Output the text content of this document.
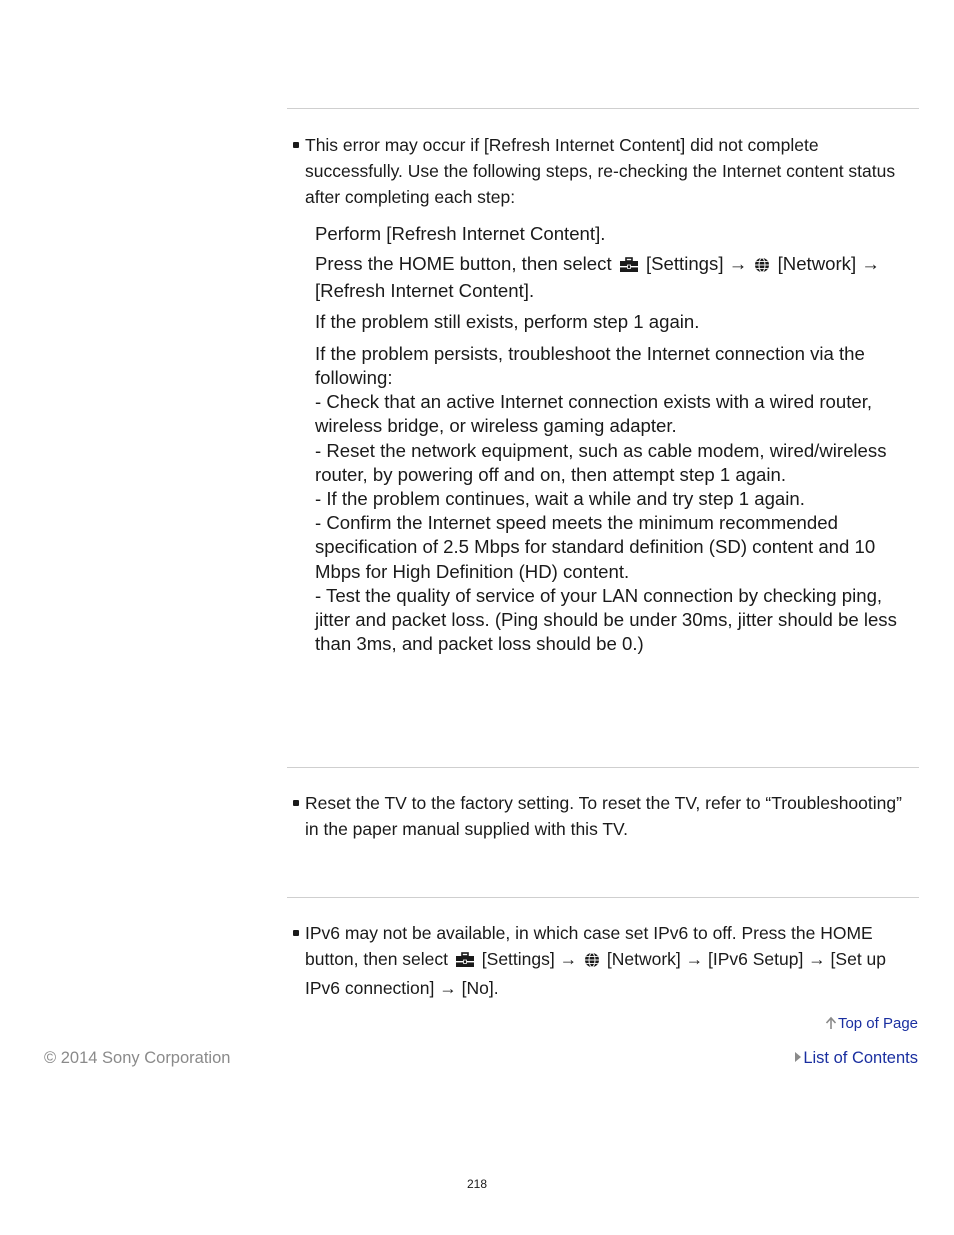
This error may occur if [Refresh Internet Content] did not complete successfully. Use the following steps, re-checking the Internet content status after completing each step:
Perform [Refresh Internet Content].
Press the HOME button, then select [Settings] → [Network] → [Refresh Internet Content].
If the problem still exists, perform step 1 again.
If the problem persists, troubleshoot the Internet connection via the following:
- Check that an active Internet connection exists with a wired router, wireless bridge, or wireless gaming adapter.
- Reset the network equipment, such as cable modem, wired/wireless router, by powering off and on, then attempt step 1 again.
- If the problem continues, wait a while and try step 1 again.
- Confirm the Internet speed meets the minimum recommended specification of 2.5 Mbps for standard definition (SD) content and 10 Mbps for High Definition (HD) content.
- Test the quality of service of your LAN connection by checking ping, jitter and packet loss. (Ping should be under 30ms, jitter should be less than 3ms, and packet loss should be 0.)
Reset the TV to the factory setting. To reset the TV, refer to “Troubleshooting” in the paper manual supplied with this TV.
IPv6 may not be available, in which case set IPv6 to off. Press the HOME button, then select [Settings] → [Network] → [IPv6 Setup] → [Set up IPv6 connection] → [No].
Top of Page
© 2014 Sony Corporation	List of Contents
218
